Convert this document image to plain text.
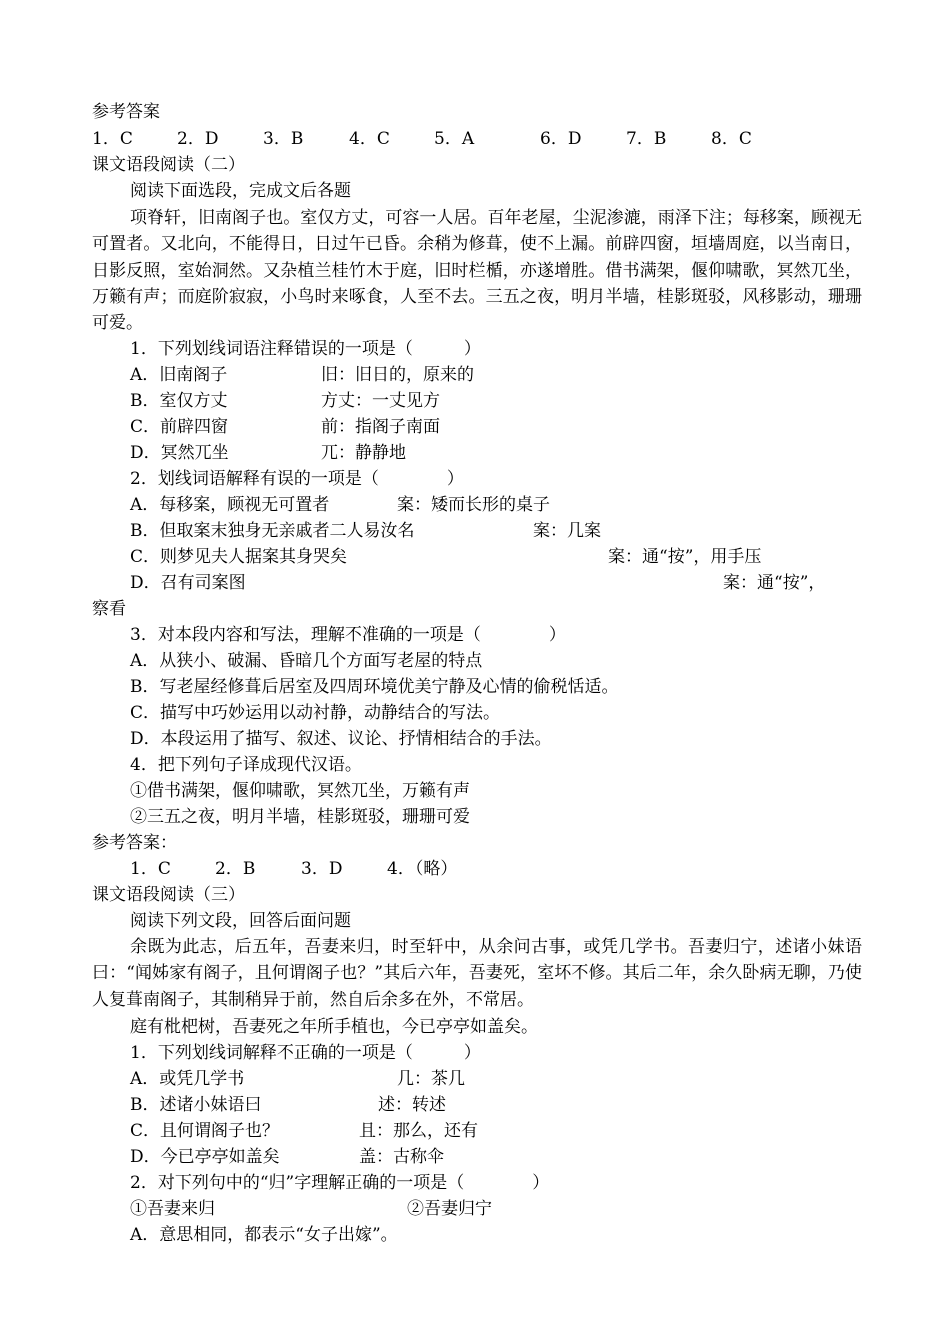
参考答案
1．C	2．D	3．B	4．C	5．A	6．D	7．B	8．C
课文语段阅读（二）
阅读下面选段，完成文后各题
项脊轩，旧南阁子也。室仅方丈，可容一人居。百年老屋，尘泥渗漉，雨泽下注；每移案，顾视无可置者。又北向，不能得日，日过午已昏。余稍为修葺，使不上漏。前辟四窗，垣墙周庭，以当南日，日影反照，室始洞然。又杂植兰桂竹木于庭，旧时栏楯，亦遂增胜。借书满架，偃仰啸歌，冥然兀坐，万籁有声；而庭阶寂寂，小鸟时来啄食，人至不去。三五之夜，明月半墙，桂影斑驳，风移影动，珊珊可爱。
1．下列划线词语注释错误的一项是（　　　）
A．旧南阁子	旧：旧日的，原来的
B．室仅方丈	方丈：一丈见方
C．前辟四窗	前：指阁子南面
D．冥然兀坐	兀：静静地
2．划线词语解释有误的一项是（　　　　）
A．每移案，顾视无可置者	案：矮而长形的桌子
B．但取案末独身无亲戚者二人易汝名	案：几案
C．则梦见夫人据案其身哭矣	案：通“按”，用手压
D．召有司案图	案：通“按”，
察看
3．对本段内容和写法，理解不准确的一项是（　　　　）
A．从狭小、破漏、昏暗几个方面写老屋的特点
B．写老屋经修葺后居室及四周环境优美宁静及心情的偷税恬适。
C．描写中巧妙运用以动衬静，动静结合的写法。
D．本段运用了描写、叙述、议论、抒情相结合的手法。
4．把下列句子译成现代汉语。
①借书满架，偃仰啸歌，冥然兀坐，万籁有声
②三五之夜，明月半墙，桂影斑驳，珊珊可爱
参考答案：
1．C	2．B	3．D	4．（略）
课文语段阅读（三）
阅读下列文段，回答后面问题
余既为此志，后五年，吾妻来归，时至轩中，从余问古事，或凭几学书。吾妻归宁，述诸小妹语曰：“闻姊家有阁子，且何谓阁子也？”其后六年，吾妻死，室坏不修。其后二年，余久卧病无聊，乃使人复葺南阁子，其制稍异于前，然自后余多在外，不常居。
庭有枇杷树，吾妻死之年所手植也，今已亭亭如盖矣。
1．下列划线词解释不正确的一项是（　　　）
A．或凭几学书	几：茶几
B．述诸小妹语曰	述：转述
C．且何谓阁子也？	且：那么，还有
D．今已亭亭如盖矣	盖：古称伞
2．对下列句中的“归”字理解正确的一项是（　　　　）
①吾妻来归	②吾妻归宁
A．意思相同，都表示“女子出嫁”。
